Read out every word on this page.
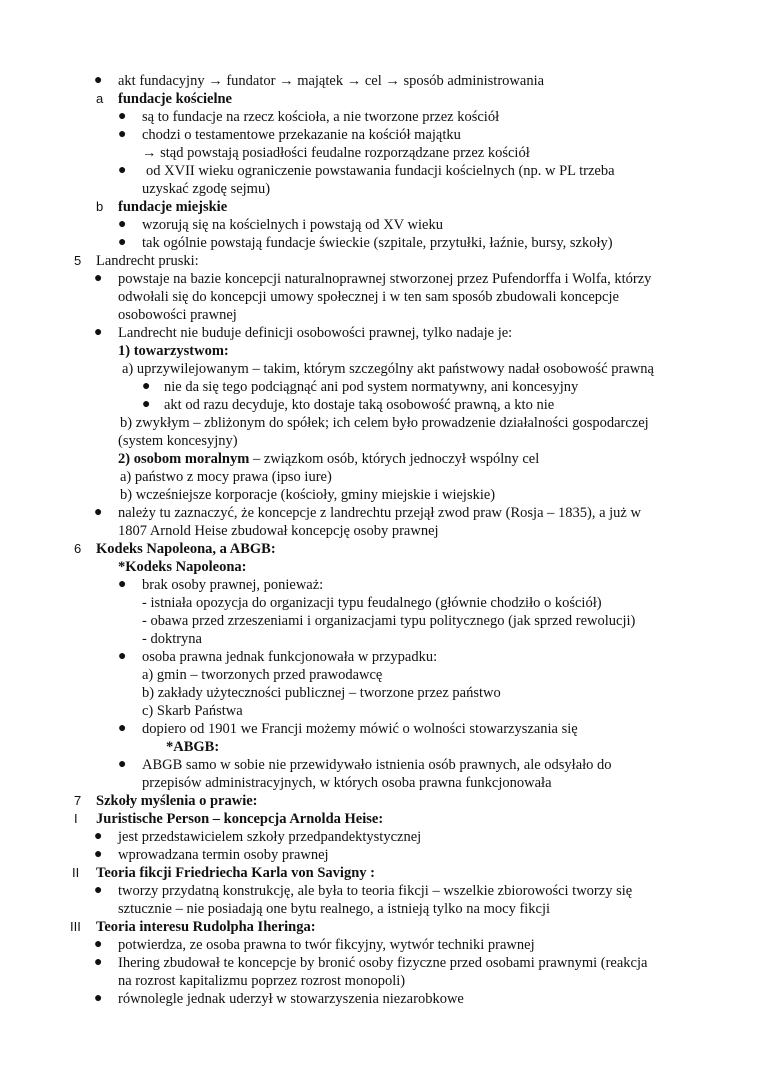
● akt fundacyjny → fundator → majątek → cel → sposób administrowania
a fundacje kościelne
● są to fundacje na rzecz kościoła, a nie tworzone przez kościół
● chodzi o testamentowe przekazanie na kościół majątku
→ stąd powstają posiadłości feudalne rozporządzane przez kościół
● od XVII wieku ograniczenie powstawania fundacji kościelnych (np. w PL trzeba
uzyskać zgodę sejmu)
b fundacje miejskie
● wzorują się na kościelnych i powstają od XV wieku
● tak ogólnie powstają fundacje świeckie (szpitale, przytułki, łaźnie, bursy, szkoły)
5 Landrecht pruski:
● powstaje na bazie koncepcji naturalnoprawnej stworzonej przez Pufendorffa i Wolfa, którzy
odwołali się do koncepcji umowy społecznej i w ten sam sposób zbudowali koncepcje
osobowości prawnej
● Landrecht nie buduje definicji osobowości prawnej, tylko nadaje je:
1) towarzystwom:
a) uprzywilejowanym – takim, którym szczególny akt państwowy nadał osobowość prawną
● nie da się tego podciągnąć ani pod system normatywny, ani koncesyjny
● akt od razu decyduje, kto dostaje taką osobowość prawną, a kto nie
b) zwykłym – zbliżonym do spółek; ich celem było prowadzenie działalności gospodarczej
(system koncesyjny)
2) osobom moralnym – związkom osób, których jednoczył wspólny cel
a) państwo z mocy prawa (ipso iure)
b) wcześniejsze korporacje (kościoły, gminy miejskie i wiejskie)
● należy tu zaznaczyć, że koncepcje z landrechtu przejął zwod praw (Rosja – 1835), a już w
1807 Arnold Heise zbudował koncepcję osoby prawnej
6 Kodeks Napoleona, a ABGB:
*Kodeks Napoleona:
● brak osoby prawnej, ponieważ:
- istniała opozycja do organizacji typu feudalnego (głównie chodziło o kościół)
- obawa przed zrzeszeniami i organizacjami typu politycznego (jak sprzed rewolucji)
- doktryna
● osoba prawna jednak funkcjonowała w przypadku:
a) gmin – tworzonych przed prawodawcę
b) zakłady użyteczności publicznej – tworzone przez państwo
c) Skarb Państwa
● dopiero od 1901 we Francji możemy mówić o wolności stowarzyszania się
*ABGB:
● ABGB samo w sobie nie przewidywało istnienia osób prawnych, ale odsyłało do
przepisów administracyjnych, w których osoba prawna funkcjonowała
7 Szkoły myślenia o prawie:
I Juristische Person – koncepcja Arnolda Heise:
● jest przedstawicielem szkoły przedpandektystycznej
● wprowadzana termin osoby prawnej
II Teoria fikcji Friedriecha Karla von Savigny :
● tworzy przydatną konstrukcję, ale była to teoria fikcji – wszelkie zbiorowości tworzy się
sztucznie – nie posiadają one bytu realnego, a istnieją tylko na mocy fikcji
III Teoria interesu Rudolpha Iheringa:
● potwierdza, ze osoba prawna to twór fikcyjny, wytwór techniki prawnej
● Ihering zbudował te koncepcje by bronić osoby fizyczne przed osobami prawnymi (reakcja
na rozrost kapitalizmu poprzez rozrost monopoli)
● równolegle jednak uderzył w stowarzyszenia niezarobkowe
